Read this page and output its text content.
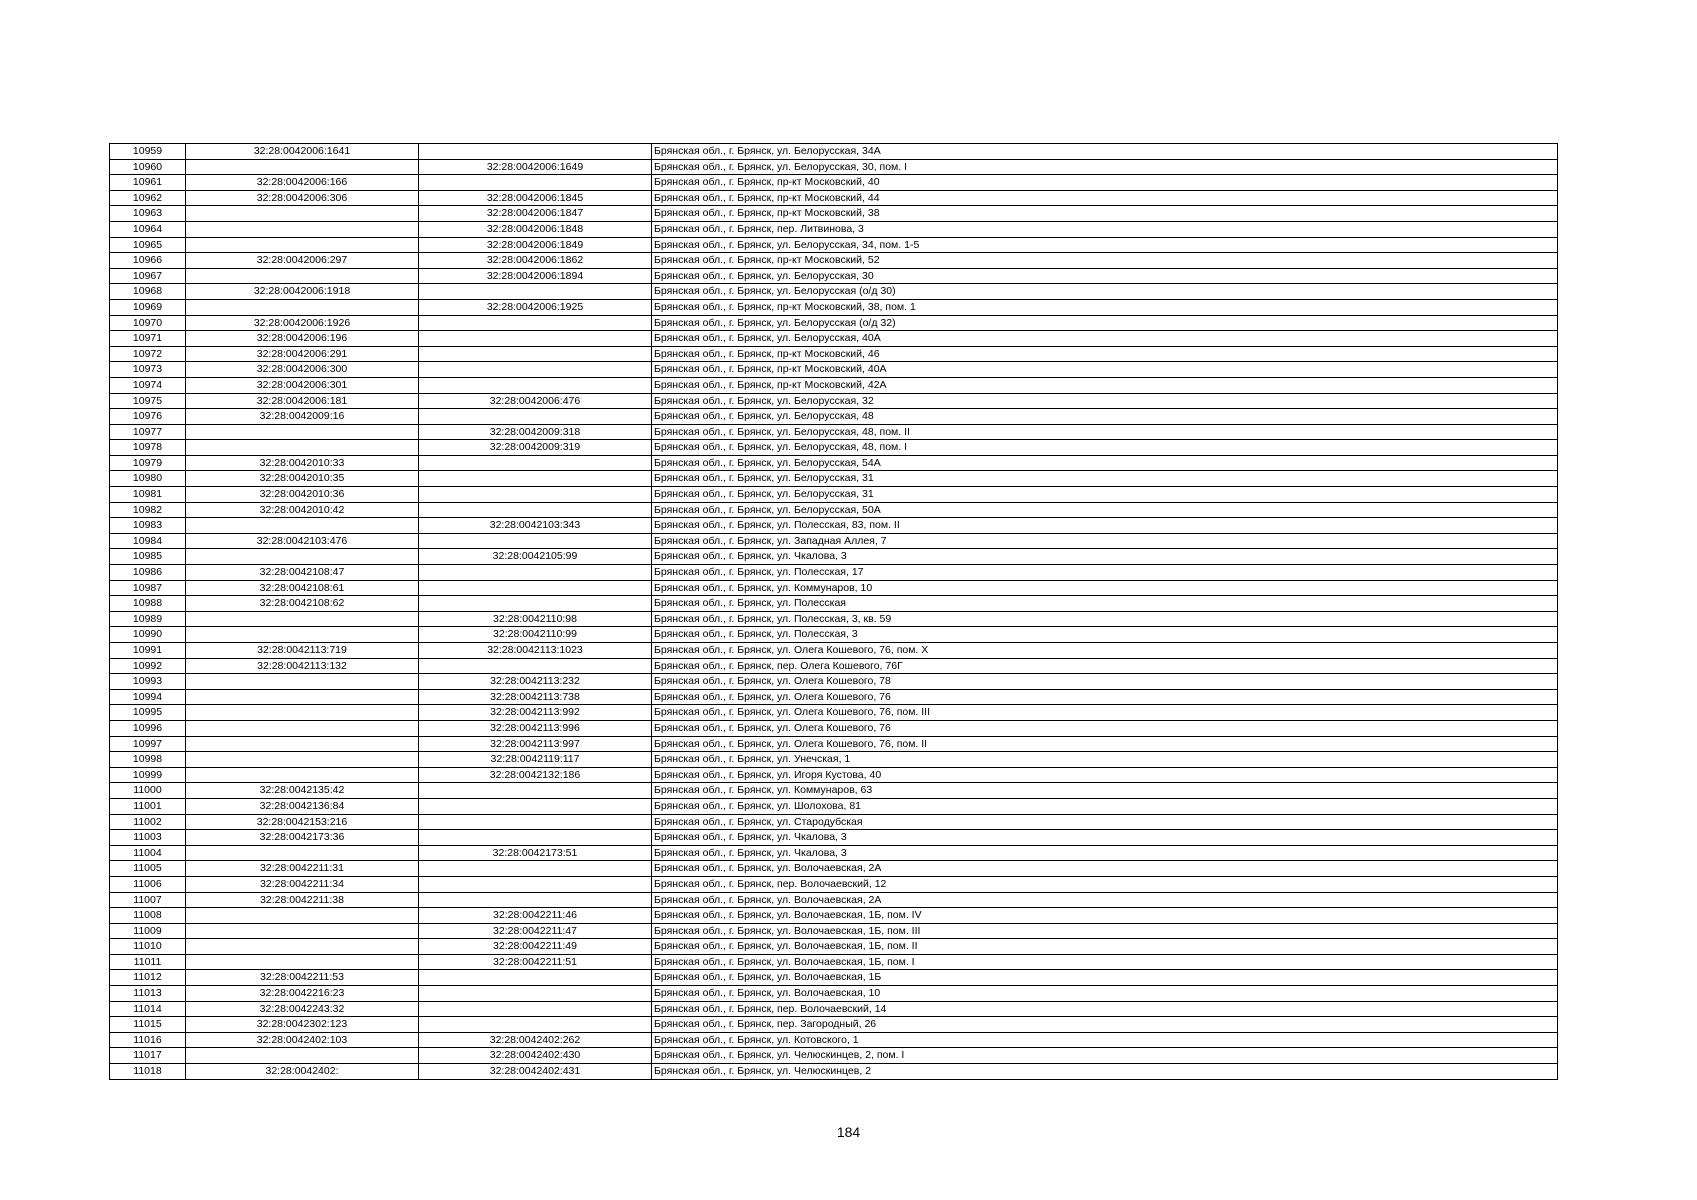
10959	32:28:0042006:1641		Брянская обл., г. Брянск, ул. Белорусская, 34А
10960		32:28:0042006:1649	Брянская обл., г. Брянск, ул. Белорусская, 30, пом. I
10961	32:28:0042006:166		Брянская обл., г. Брянск, пр-кт Московский, 40
10962	32:28:0042006:306	32:28:0042006:1845	Брянская обл., г. Брянск, пр-кт Московский, 44
10963		32:28:0042006:1847	Брянская обл., г. Брянск, пр-кт Московский, 38
10964		32:28:0042006:1848	Брянская обл., г. Брянск, пер. Литвинова, 3
10965		32:28:0042006:1849	Брянская обл., г. Брянск, ул. Белорусская, 34, пом. 1-5
10966	32:28:0042006:297	32:28:0042006:1862	Брянская обл., г. Брянск, пр-кт Московский, 52
10967		32:28:0042006:1894	Брянская обл., г. Брянск, ул. Белорусская, 30
10968	32:28:0042006:1918		Брянская обл., г. Брянск, ул. Белорусская (о/д 30)
10969		32:28:0042006:1925	Брянская обл., г. Брянск, пр-кт Московский, 38, пом. 1
10970	32:28:0042006:1926		Брянская обл., г. Брянск, ул. Белорусская (о/д 32)
10971	32:28:0042006:196		Брянская обл., г. Брянск, ул. Белорусская, 40А
10972	32:28:0042006:291		Брянская обл., г. Брянск, пр-кт Московский, 46
10973	32:28:0042006:300		Брянская обл., г. Брянск, пр-кт Московский, 40А
10974	32:28:0042006:301		Брянская обл., г. Брянск, пр-кт Московский, 42А
10975	32:28:0042006:181	32:28:0042006:476	Брянская обл., г. Брянск, ул. Белорусская, 32
10976	32:28:0042009:16		Брянская обл., г. Брянск, ул. Белорусская, 48
10977		32:28:0042009:318	Брянская обл., г. Брянск, ул. Белорусская, 48, пом. II
10978		32:28:0042009:319	Брянская обл., г. Брянск, ул. Белорусская, 48, пом. I
10979	32:28:0042010:33		Брянская обл., г. Брянск, ул. Белорусская, 54А
10980	32:28:0042010:35		Брянская обл., г. Брянск, ул. Белорусская, 31
10981	32:28:0042010:36		Брянская обл., г. Брянск, ул. Белорусская, 31
10982	32:28:0042010:42		Брянская обл., г. Брянск, ул. Белорусская, 50А
10983		32:28:0042103:343	Брянская обл., г. Брянск, ул. Полесская, 83, пом. II
10984	32:28:0042103:476		Брянская обл., г. Брянск, ул. Западная Аллея, 7
10985		32:28:0042105:99	Брянская обл., г. Брянск, ул. Чкалова, 3
10986	32:28:0042108:47		Брянская обл., г. Брянск, ул. Полесская, 17
10987	32:28:0042108:61		Брянская обл., г. Брянск, ул. Коммунаров, 10
10988	32:28:0042108:62		Брянская обл., г. Брянск, ул. Полесская
10989		32:28:0042110:98	Брянская обл., г. Брянск, ул. Полесская, 3, кв. 59
10990		32:28:0042110:99	Брянская обл., г. Брянск, ул. Полесская, 3
10991	32:28:0042113:719	32:28:0042113:1023	Брянская обл., г. Брянск, ул. Олега Кошевого, 76, пом. X
10992	32:28:0042113:132		Брянская обл., г. Брянск, пер. Олега Кошевого, 76Г
10993		32:28:0042113:232	Брянская обл., г. Брянск, ул. Олега Кошевого, 78
10994		32:28:0042113:738	Брянская обл., г. Брянск, ул. Олега Кошевого, 76
10995		32:28:0042113:992	Брянская обл., г. Брянск, ул. Олега Кошевого, 76, пом. III
10996		32:28:0042113:996	Брянская обл., г. Брянск, ул. Олега Кошевого, 76
10997		32:28:0042113:997	Брянская обл., г. Брянск, ул. Олега Кошевого, 76, пом. II
10998		32:28:0042119:117	Брянская обл., г. Брянск, ул. Унечская, 1
10999		32:28:0042132:186	Брянская обл., г. Брянск, ул. Игоря Кустова, 40
11000	32:28:0042135:42		Брянская обл., г. Брянск, ул. Коммунаров, 63
11001	32:28:0042136:84		Брянская обл., г. Брянск, ул. Шолохова, 81
11002	32:28:0042153:216		Брянская обл., г. Брянск, ул. Стародубская
11003	32:28:0042173:36		Брянская обл., г. Брянск, ул. Чкалова, 3
11004		32:28:0042173:51	Брянская обл., г. Брянск, ул. Чкалова, 3
11005	32:28:0042211:31		Брянская обл., г. Брянск, ул. Волочаевская, 2А
11006	32:28:0042211:34		Брянская обл., г. Брянск, пер. Волочаевский, 12
11007	32:28:0042211:38		Брянская обл., г. Брянск, ул. Волочаевская, 2А
11008		32:28:0042211:46	Брянская обл., г. Брянск, ул. Волочаевская, 1Б, пом. IV
11009		32:28:0042211:47	Брянская обл., г. Брянск, ул. Волочаевская, 1Б, пом. III
11010		32:28:0042211:49	Брянская обл., г. Брянск, ул. Волочаевская, 1Б, пом. II
11011		32:28:0042211:51	Брянская обл., г. Брянск, ул. Волочаевская, 1Б, пом. I
11012	32:28:0042211:53		Брянская обл., г. Брянск, ул. Волочаевская, 1Б
11013	32:28:0042216:23		Брянская обл., г. Брянск, ул. Волочаевская, 10
11014	32:28:0042243:32		Брянская обл., г. Брянск, пер. Волочаевский, 14
11015	32:28:0042302:123		Брянская обл., г. Брянск, пер. Загородный, 26
11016	32:28:0042402:103	32:28:0042402:262	Брянская обл., г. Брянск, ул. Котовского, 1
11017		32:28:0042402:430	Брянская обл., г. Брянск, ул. Челюскинцев, 2, пом. I
11018	32:28:0042402:	32:28:0042402:431	Брянская обл., г. Брянск, ул. Челюскинцев, 2
184
